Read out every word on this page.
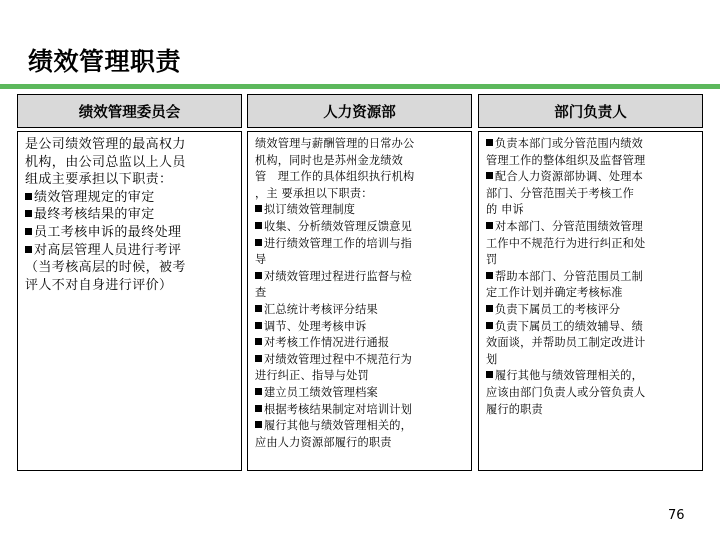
绩效管理职责
绩效管理委员会
是公司绩效管理的最高权力
机构，由公司总监以上人员
组成主要承担以下职责：
绩效管理规定的审定
最终考核结果的审定
员工考核申诉的最终处理
对高层管理人员进行考评
（当考核高层的时候，被考
评人不对自身进行评价）
人力资源部
绩效管理与薪酬管理的日常办公
机构，同时也是苏州金龙绩效
管　理工作的具体组织执行机构
，主 要承担以下职责：
拟订绩效管理制度
收集、分析绩效管理反馈意见
进行绩效管理工作的培训与指
导
对绩效管理过程进行监督与检
查
汇总统计考核评分结果
调节、处理考核申诉
对考核工作情况进行通报
对绩效管理过程中不规范行为
进行纠正、指导与处罚
建立员工绩效管理档案
根据考核结果制定对培训计划
履行其他与绩效管理相关的，
应由人力资源部履行的职责
部门负责人
负责本部门或分管范围内绩效
管理工作的整体组织及监督管理
配合人力资源部协调、处理本
部门、分管范围关于考核工作
的 申诉
对本部门、分管范围绩效管理
工作中不规范行为进行纠正和处
罚
帮助本部门、分管范围员工制
定工作计划并确定考核标准
负责下属员工的考核评分
负责下属员工的绩效辅导、绩
效面谈，并帮助员工制定改进计
划
履行其他与绩效管理相关的，
应该由部门负责人或分管负责人
履行的职责
76
